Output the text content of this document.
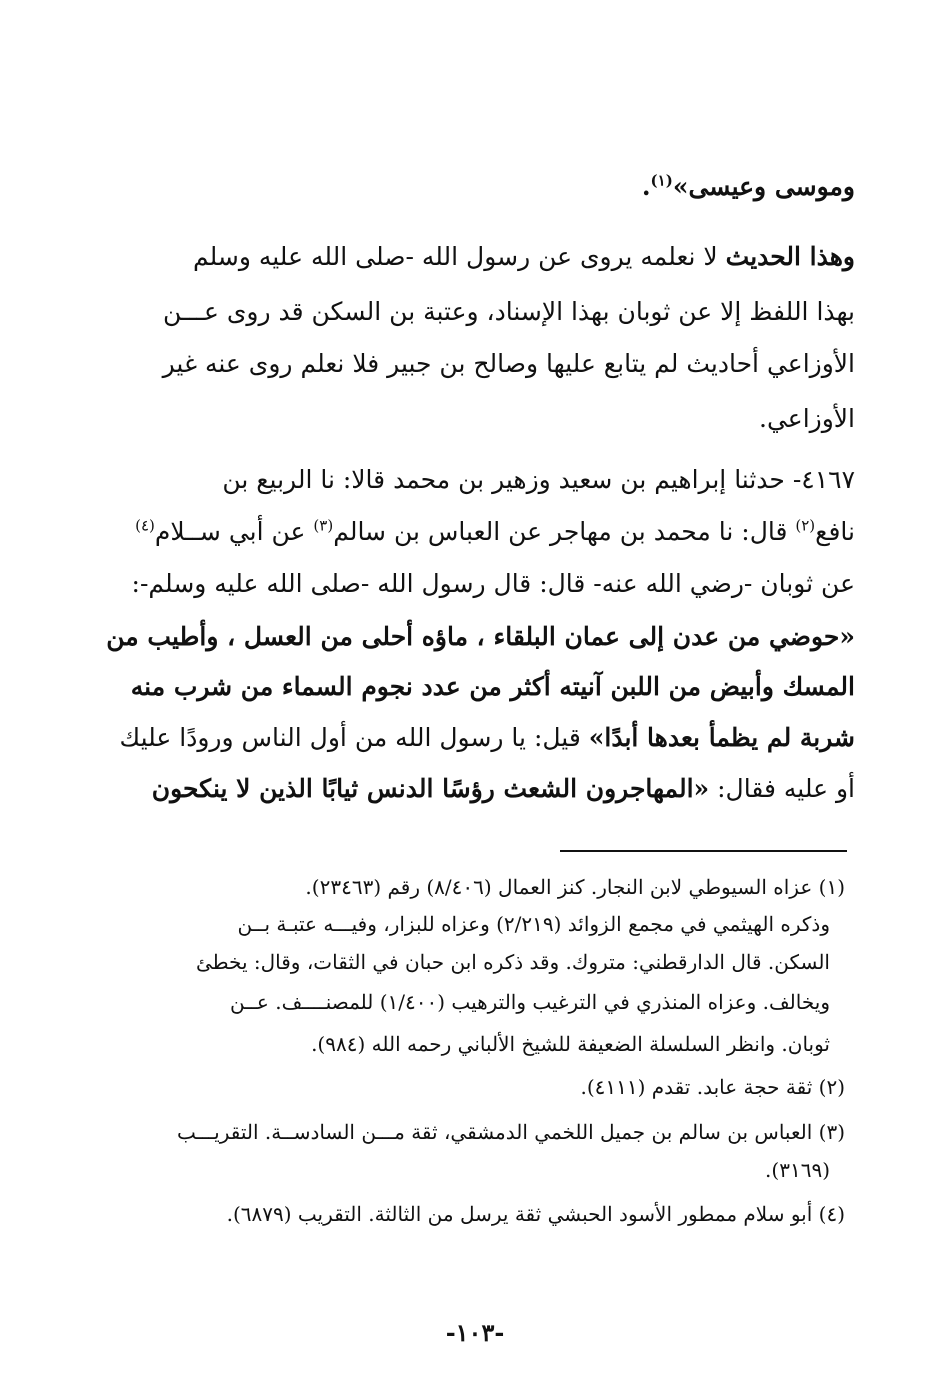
وموسى وعيسى»$^{(١)}$.
وهذا الحديث لا نعلمه يروى عن رسول الله -صلى الله عليه وسلم
بهذا اللفظ إلا عن ثوبان بهذا الإسناد، وعتبة بن السكن قد روى عـــن
الأوزاعي أحاديث لم يتابع عليها وصالح بن جبير فلا نعلم روى عنه غير
الأوزاعي.
٤١٦٧- حدثنا إبراهيم بن سعيد وزهير بن محمد قالا: نا الربيع بن
نافع$^{(٢)}$ قال: نا محمد بن مهاجر عن العباس بن سالم$^{(٣)}$ عن أبي ســلام$^{(٤)}$
عن ثوبان -رضي الله عنه- قال: قال رسول الله -صلى الله عليه وسلم-:
«حوضي من عدن إلى عمان البلقاء ، ماؤه أحلى من العسل ، وأطيب من
المسك وأبيض من اللبن آنيته أكثر من عدد نجوم السماء من شرب منه
شربة لم يظمأ بعدها أبدًا» قيل: يا رسول الله من أول الناس ورودًا عليك
أو عليه فقال: «المهاجرون الشعث رؤسًا الدنس ثيابًا الذين لا ينكحون
(١) عزاه السيوطي لابن النجار. كنز العمال (٨/٤٠٦) رقم (٢٣٤٦٣).
وذكره الهيثمي في مجمع الزوائد (٢/٢١٩) وعزاه للبزار، وفيـــه عتبـة بــن
السكن. قال الدارقطني: متروك. وقد ذكره ابن حبان في الثقات، وقال: يخطئ
ويخالف. وعزاه المنذري في الترغيب والترهيب (١/٤٠٠) للمصنــــف. عــن
ثوبان. وانظر السلسلة الضعيفة للشيخ الألباني رحمه الله (٩٨٤).
(٢) ثقة حجة عابد. تقدم (٤١١١).
(٣) العباس بن سالم بن جميل اللخمي الدمشقي، ثقة مـــن السادســة. التقريـــب
(٣١٦٩).
(٤) أبو سلام ممطور الأسود الحبشي ثقة يرسل من الثالثة. التقريب (٦٨٧٩).
-١٠٣-
